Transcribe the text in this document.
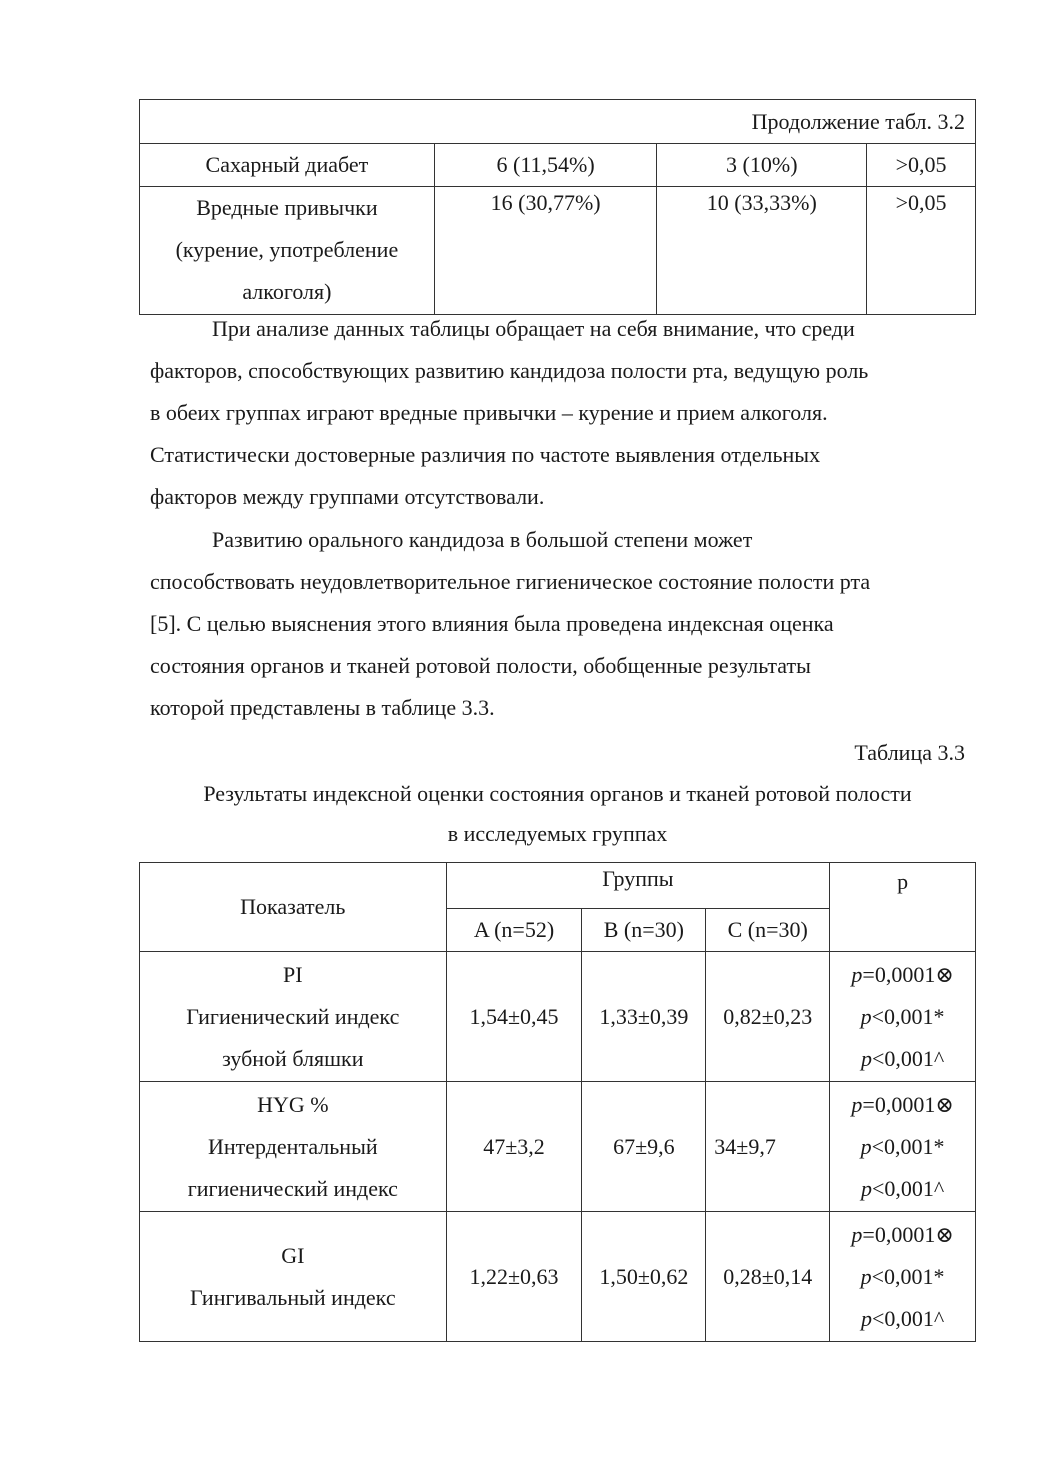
Продолжение табл. 3.2			
Сахарный диабет	6 (11,54%)	3 (10%)	>0,05

Вредные привычки
(курение, употребление
алкоголя)	16 (30,77%)	10 (33,33%)	>0,05
При анализе данных таблицы обращает на себя внимание, что среди
факторов, способствующих развитию кандидоза полости рта, ведущую роль
в обеих группах играют вредные привычки – курение и прием алкоголя.
Статистически достоверные различия по частоте выявления отдельных
факторов между группами отсутствовали.
Развитию орального кандидоза в большой степени может
способствовать неудовлетворительное гигиеническое состояние полости рта
[5]. С целью выяснения этого влияния была проведена индексная оценка
состояния органов и тканей ротовой полости, обобщенные результаты
которой представлены в таблице 3.3.
Таблица 3.3
Результаты индексной оценки состояния органов и тканей ротовой полости
в исследуемых группах
Показатель	Группы			р
	A (n=52)	B (n=30)	C (n=30)	

PI
Гигиенический индекс
зубной бляшки	1,54±0,45	1,33±0,39	0,82±0,23	p=0,0001⊗
p<0,001*
p<0,001^

HYG %
Интердентальный
гигиенический индекс	47±3,2	67±9,6	34±9,7	p=0,0001⊗
p<0,001*
p<0,001^

GI
Гингивальный индекс	1,22±0,63	1,50±0,62	0,28±0,14	p=0,0001⊗
p<0,001*
p<0,001^
